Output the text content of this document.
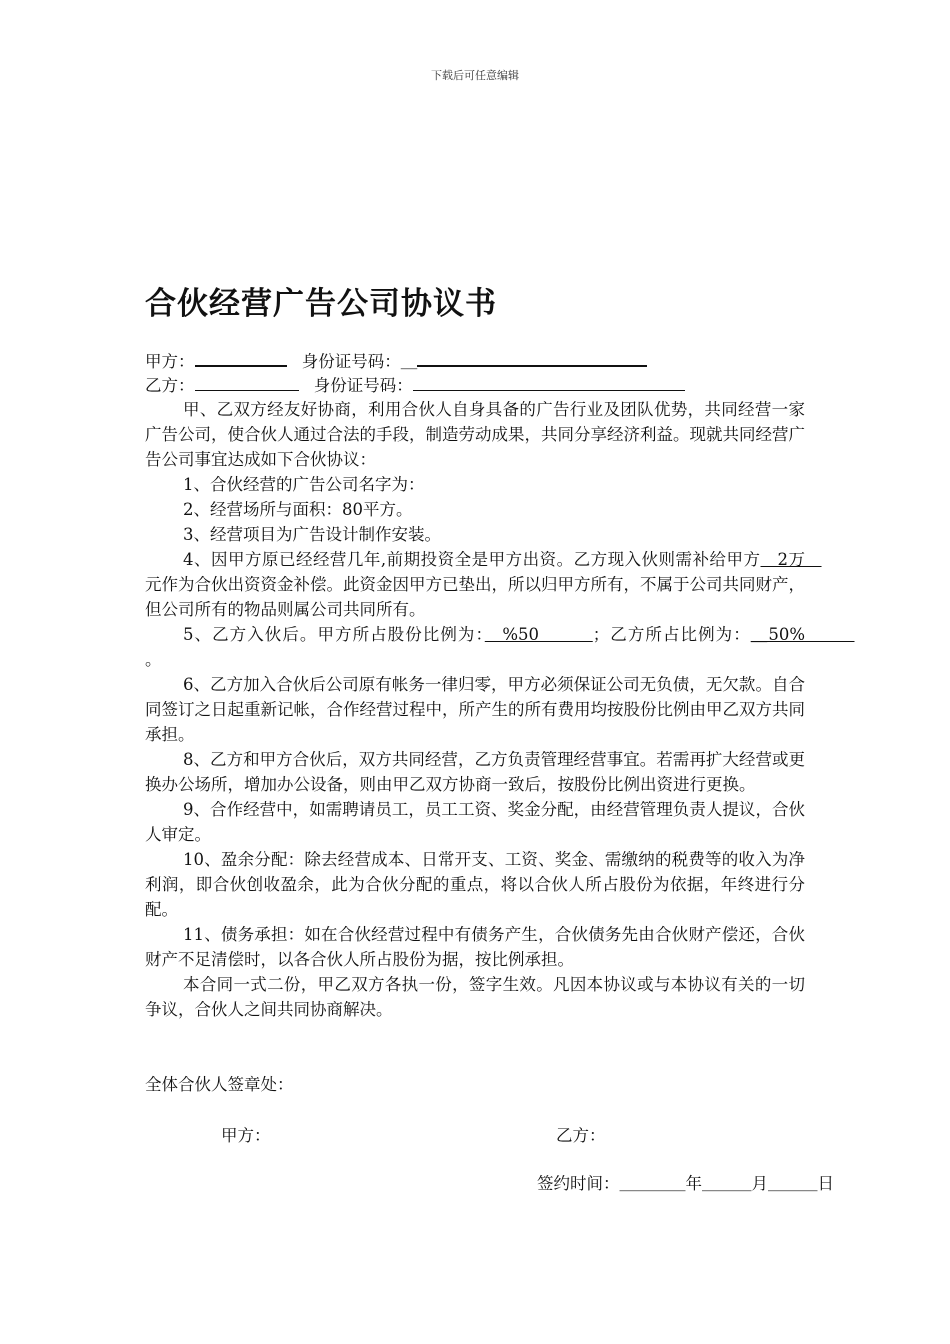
下载后可任意编辑
合伙经营广告公司协议书
甲方：	身份证号码：＿
乙方：	身份证号码：

甲、乙双方经友好协商，利用合伙人自身具备的广告行业及团队优势，共同经营一家广告公司，使合伙人通过合法的手段，制造劳动成果，共同分享经济利益。现就共同经营广告公司事宜达成如下合伙协议：

1、合伙经营的广告公司名字为：

2、经营场所与面积：80平方。

3、经营项目为广告设计制作安装。

4、因甲方原已经经营几年,前期投资全是甲方出资。乙方现入伙则需补给甲方　2万　元作为合伙出资资金补偿。此资金因甲方已垫出，所以归甲方所有，不属于公司共同财产，但公司所有的物品则属公司共同所有。

5、乙方入伙后。甲方所占股份比例为：　%50　　　；乙方所占比例为：＿50%　　　。

6、乙方加入合伙后公司原有帐务一律归零，甲方必须保证公司无负债，无欠款。自合同签订之日起重新记帐，合作经营过程中，所产生的所有费用均按股份比例由甲乙双方共同承担。

8、乙方和甲方合伙后，双方共同经营，乙方负责管理经营事宜。若需再扩大经营或更换办公场所，增加办公设备，则由甲乙双方协商一致后，按股份比例出资进行更换。

9、合作经营中，如需聘请员工，员工工资、奖金分配，由经营管理负责人提议，合伙人审定。

10、盈余分配：除去经营成本、日常开支、工资、奖金、需缴纳的税费等的收入为净利润，即合伙创收盈余，此为合伙分配的重点，将以合伙人所占股份为依据，年终进行分配。

11、债务承担：如在合伙经营过程中有债务产生，合伙债务先由合伙财产偿还，合伙财产不足清偿时，以各合伙人所占股份为据，按比例承担。

本合同一式二份，甲乙双方各执一份，签字生效。凡因本协议或与本协议有关的一切争议，合伙人之间共同协商解决。

全体合伙人签章处：
甲方：	乙方：
签约时间：＿＿＿＿年＿＿＿月＿＿＿日
